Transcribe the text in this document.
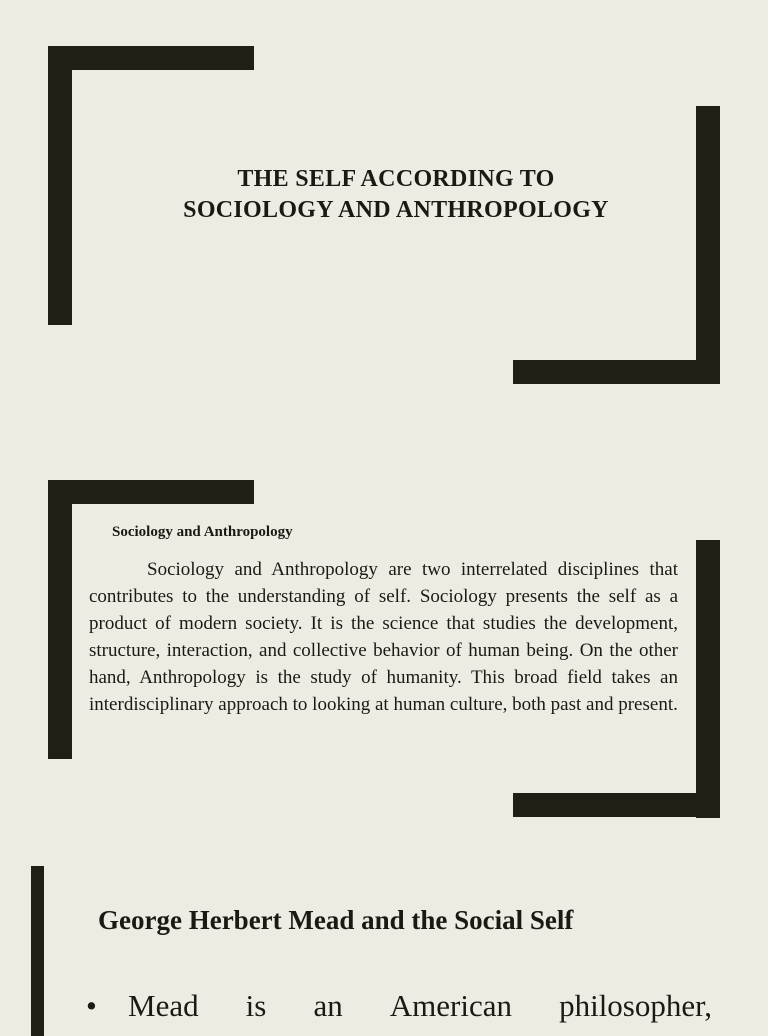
THE SELF ACCORDING TO
SOCIOLOGY AND ANTHROPOLOGY

Sociology and Anthropology

Sociology and Anthropology are two interrelated disciplines that contributes to the understanding of self. Sociology presents the self as a product of modern society. It is the science that studies the development, structure, interaction, and collective behavior of human being. On the other hand, Anthropology is the study of humanity. This broad field takes an interdisciplinary approach to looking at human culture, both past and present.

George Herbert Mead and the Social Self
•	Mead is an American philosopher,
